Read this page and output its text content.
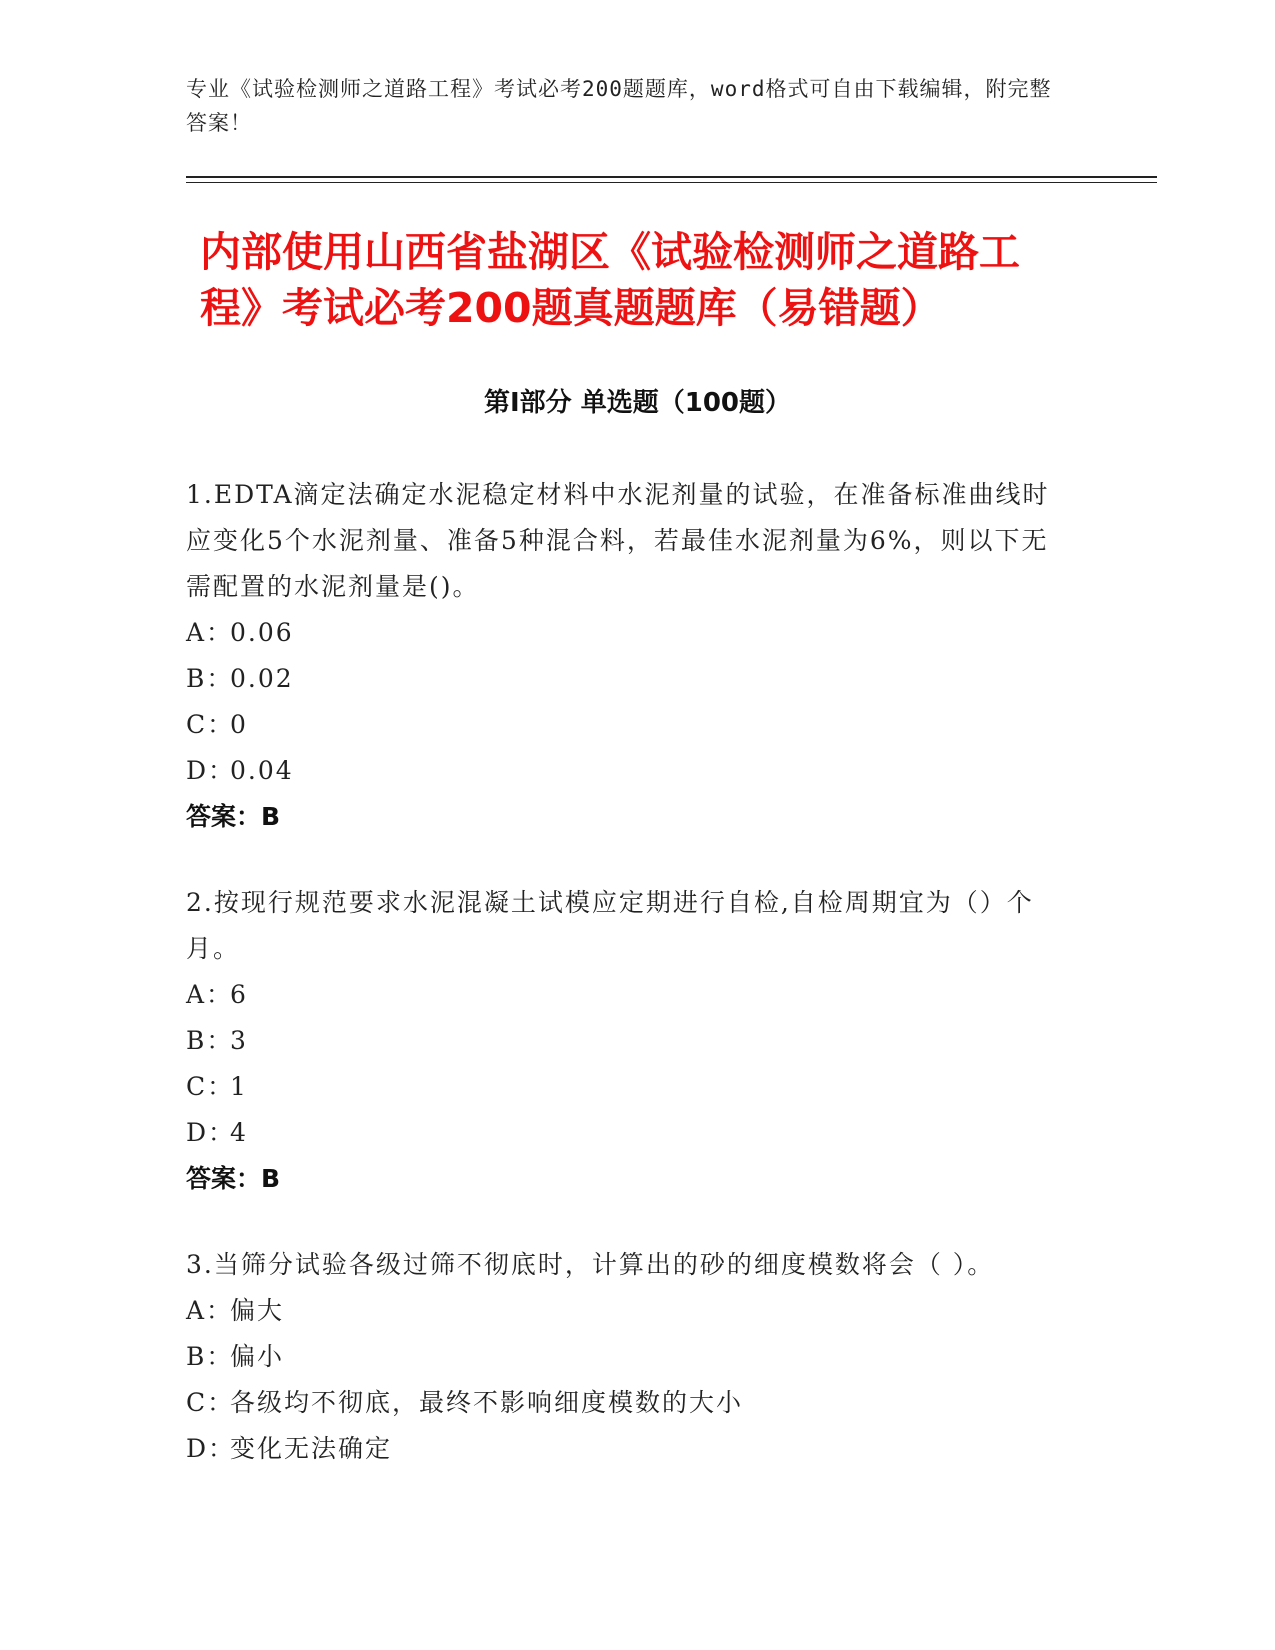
专业《试验检测师之道路工程》考试必考200题题库，word格式可自由下载编辑，附完整答案！
内部使用山西省盐湖区《试验检测师之道路工程》考试必考200题真题题库（易错题）
第I部分 单选题（100题）

1.EDTA滴定法确定水泥稳定材料中水泥剂量的试验，在准备标准曲线时应变化5个水泥剂量、准备5种混合料，若最佳水泥剂量为6%，则以下无需配置的水泥剂量是()。

A：
0.06
B：
0.02
C：
0
D：
0.04
答案：B

2.按现行规范要求水泥混凝土试模应定期进行自检,自检周期宜为（）个月。

A：
6
B：
3
C：
1
D：
4
答案：B

3.当筛分试验各级过筛不彻底时，计算出的砂的细度模数将会（ ）。

A：
偏大
B：
偏小
C：
各级均不彻底，最终不影响细度模数的大小
D：
变化无法确定
